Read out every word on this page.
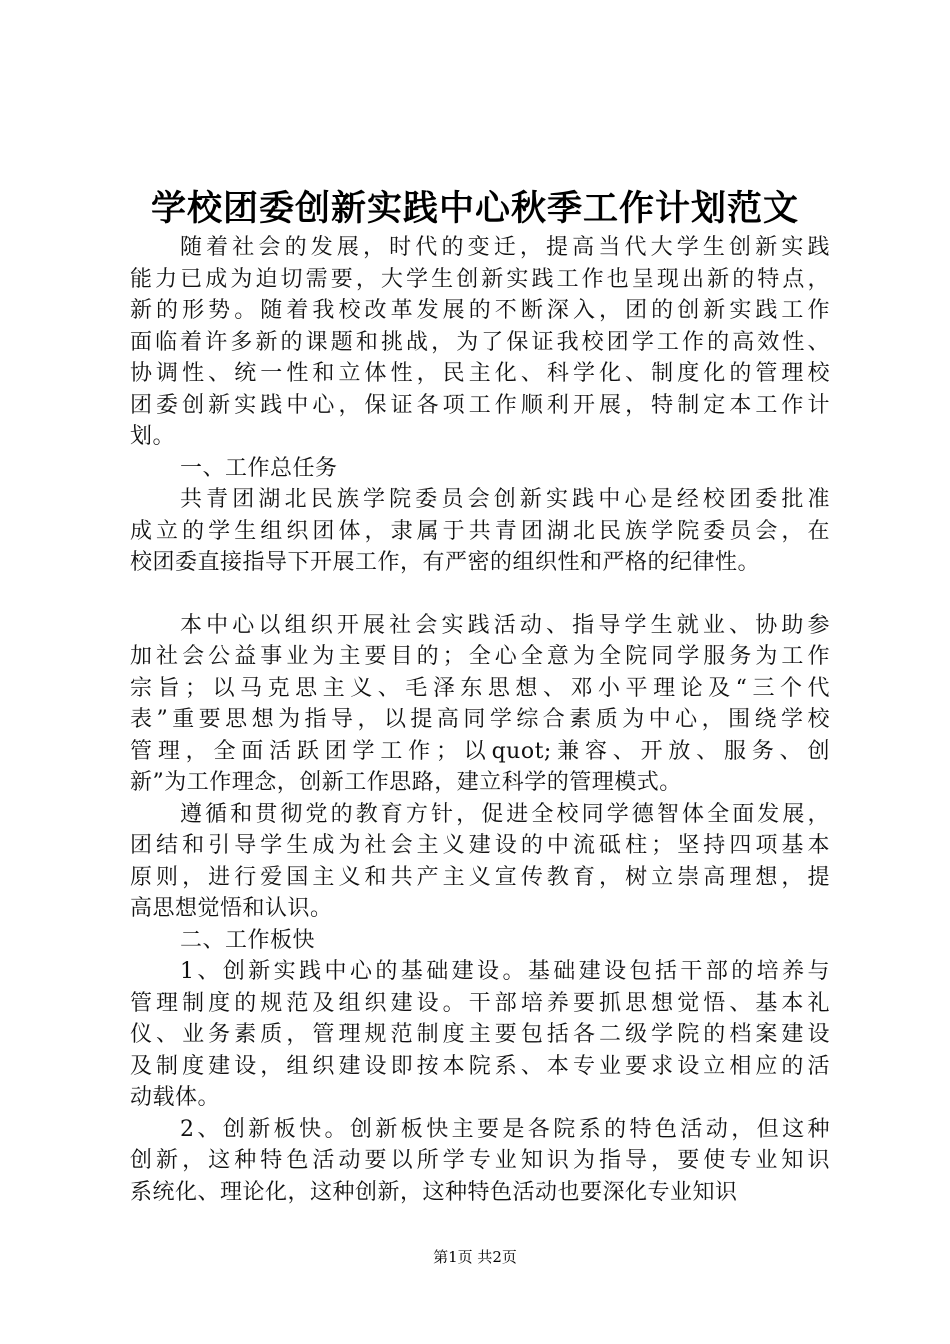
学校团委创新实践中心秋季工作计划范文
随着社会的发展，时代的变迁，提高当代大学生创新实践
能力已成为迫切需要，大学生创新实践工作也呈现出新的特点，
新的形势。随着我校改革发展的不断深入，团的创新实践工作
面临着许多新的课题和挑战，为了保证我校团学工作的高效性、
协调性、统一性和立体性，民主化、科学化、制度化的管理校
团委创新实践中心，保证各项工作顺利开展，特制定本工作计
划。
一、工作总任务
共青团湖北民族学院委员会创新实践中心是经校团委批准
成立的学生组织团体，隶属于共青团湖北民族学院委员会，在
校团委直接指导下开展工作，有严密的组织性和严格的纪律性。
本中心以组织开展社会实践活动、指导学生就业、协助参
加社会公益事业为主要目的；全心全意为全院同学服务为工作
宗旨；以马克思主义、毛泽东思想、邓小平理论及“三个代
表”重要思想为指导，以提高同学综合素质为中心，围绕学校
管理，全面活跃团学工作；以quot;兼容、开放、服务、创
新”为工作理念，创新工作思路，建立科学的管理模式。
遵循和贯彻党的教育方针，促进全校同学德智体全面发展，
团结和引导学生成为社会主义建设的中流砥柱；坚持四项基本
原则，进行爱国主义和共产主义宣传教育，树立崇高理想，提
高思想觉悟和认识。
二、工作板快
1、创新实践中心的基础建设。基础建设包括干部的培养与
管理制度的规范及组织建设。干部培养要抓思想觉悟、基本礼
仪、业务素质，管理规范制度主要包括各二级学院的档案建设
及制度建设，组织建设即按本院系、本专业要求设立相应的活
动载体。
2、创新板快。创新板快主要是各院系的特色活动，但这种
创新，这种特色活动要以所学专业知识为指导，要使专业知识
系统化、理论化，这种创新，这种特色活动也要深化专业知识
第1页 共2页
